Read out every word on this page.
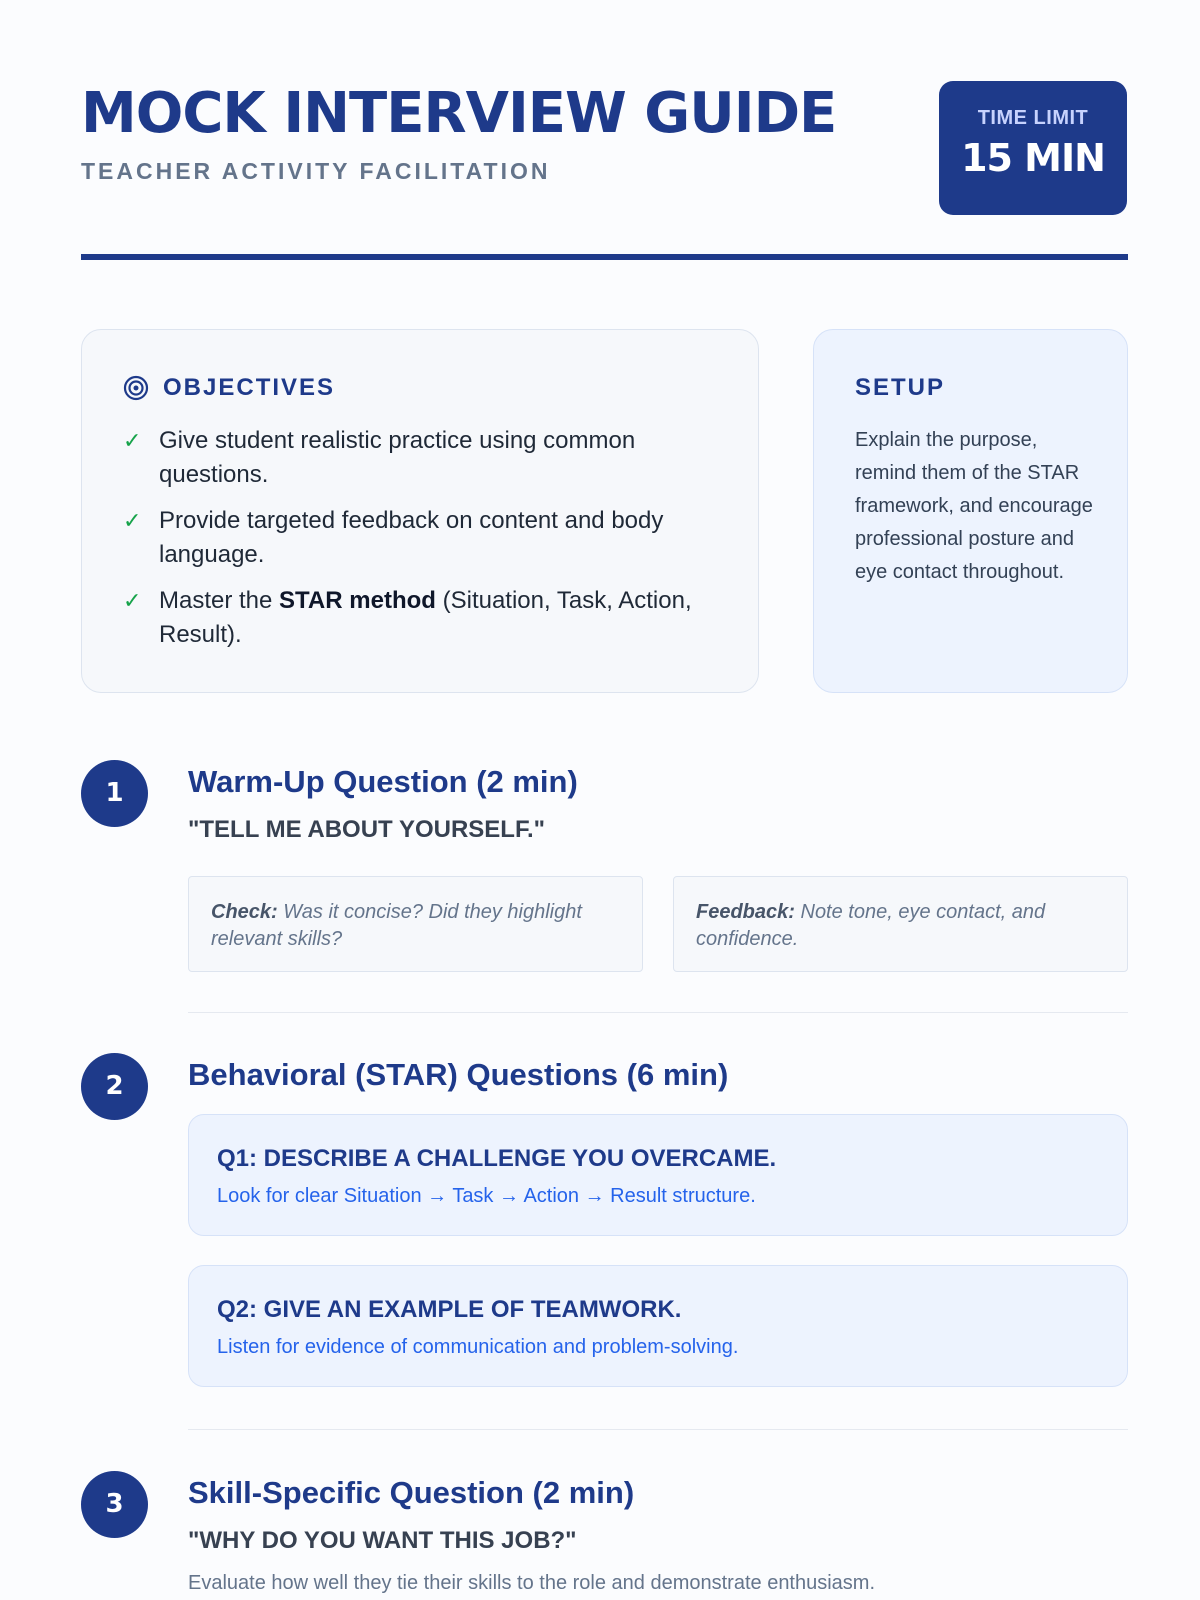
MOCK INTERVIEW GUIDE
TEACHER ACTIVITY FACILITATION
TIME LIMIT
15 MIN
OBJECTIVES
✓ Give student realistic practice using common questions.
✓ Provide targeted feedback on content and body language.
✓ Master the STAR method (Situation, Task, Action, Result).
SETUP

Explain the purpose, remind them of the STAR framework, and encourage professional posture and eye contact throughout.

1	Warm-Up Question (2 min)
"TELL ME ABOUT YOURSELF."
Check: Was it concise? Did they highlight relevant skills?
Feedback: Note tone, eye contact, and confidence.
2	Behavioral (STAR) Questions (6 min)
Q1: DESCRIBE A CHALLENGE YOU OVERCAME.
Look for clear Situation → Task → Action → Result structure.
Q2: GIVE AN EXAMPLE OF TEAMWORK.
Listen for evidence of communication and problem-solving.
3	Skill-Specific Question (2 min)
"WHY DO YOU WANT THIS JOB?"
Evaluate how well they tie their skills to the role and demonstrate enthusiasm.
